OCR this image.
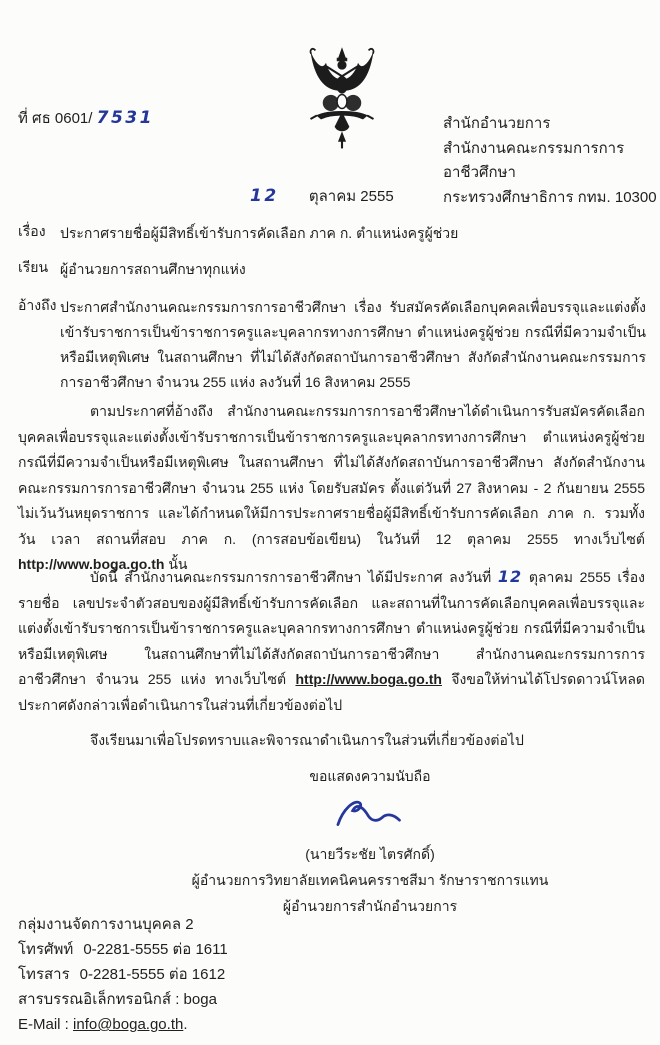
ที่ ศธ 0601/ 7531	สำนักอำนวยการ
สำนักงานคณะกรรมการการอาชีวศึกษา
กระทรวงศึกษาธิการ กทม. 10300
12 ตุลาคม 2555
เรื่อง ประกาศรายชื่อผู้มีสิทธิ์เข้ารับการคัดเลือก ภาค ก. ตำแหน่งครูผู้ช่วย
เรียน ผู้อำนวยการสถานศึกษาทุกแห่ง
อ้างถึง ประกาศสำนักงานคณะกรรมการการอาชีวศึกษา เรื่อง รับสมัครคัดเลือกบุคคลเพื่อบรรจุและแต่งตั้งเข้ารับราชการเป็นข้าราชการครูและบุคลากรทางการศึกษา ตำแหน่งครูผู้ช่วย กรณีที่มีความจำเป็นหรือมีเหตุพิเศษ ในสถานศึกษา ที่ไม่ได้สังกัดสถาบันการอาชีวศึกษา สังกัดสำนักงานคณะกรรมการการอาชีวศึกษา จำนวน 255 แห่ง ลงวันที่ 16 สิงหาคม 2555
ตามประกาศที่อ้างถึง สำนักงานคณะกรรมการการอาชีวศึกษาได้ดำเนินการรับสมัครคัดเลือกบุคคลเพื่อบรรจุและแต่งตั้งเข้ารับราชการเป็นข้าราชการครูและบุคลากรทางการศึกษา ตำแหน่งครูผู้ช่วย กรณีที่มีความจำเป็นหรือมีเหตุพิเศษ ในสถานศึกษา ที่ไม่ได้สังกัดสถาบันการอาชีวศึกษา สังกัดสำนักงานคณะกรรมการการอาชีวศึกษา จำนวน 255 แห่ง โดยรับสมัคร ตั้งแต่วันที่ 27 สิงหาคม - 2 กันยายน 2555 ไม่เว้นวันหยุดราชการ และได้กำหนดให้มีการประกาศรายชื่อผู้มีสิทธิ์เข้ารับการคัดเลือก ภาค ก. รวมทั้ง วัน เวลา สถานที่สอบ ภาค ก. (การสอบข้อเขียน) ในวันที่ 12 ตุลาคม 2555 ทางเว็บไซต์ http://www.boga.go.th นั้น
บัดนี้ สำนักงานคณะกรรมการการอาชีวศึกษา ได้มีประกาศ ลงวันที่ 12 ตุลาคม 2555 เรื่อง รายชื่อ เลขประจำตัวสอบของผู้มีสิทธิ์เข้ารับการคัดเลือก และสถานที่ในการคัดเลือกบุคคลเพื่อบรรจุและแต่งตั้งเข้ารับราชการเป็นข้าราชการครูและบุคลากรทางการศึกษา ตำแหน่งครูผู้ช่วย กรณีที่มีความจำเป็นหรือมีเหตุพิเศษ ในสถานศึกษาที่ไม่ได้สังกัดสถาบันการอาชีวศึกษา สำนักงานคณะกรรมการการอาชีวศึกษา จำนวน 255 แห่ง ทางเว็บไซต์ http://www.boga.go.th จึงขอให้ท่านได้โปรดดาวน์โหลดประกาศดังกล่าวเพื่อดำเนินการในส่วนที่เกี่ยวข้องต่อไป
จึงเรียนมาเพื่อโปรดทราบและพิจารณาดำเนินการในส่วนที่เกี่ยวข้องต่อไป
ขอแสดงความนับถือ
(นายวีระชัย ไตรศักดิ์)
ผู้อำนวยการวิทยาลัยเทคนิคนครราชสีมา รักษาราชการแทน
ผู้อำนวยการสำนักอำนวยการ
กลุ่มงานจัดการงานบุคคล 2
โทรศัพท์ 0-2281-5555 ต่อ 1611
โทรสาร 0-2281-5555 ต่อ 1612
สารบรรณอิเล็กทรอนิกส์ : boga
E-Mail : info@boga.go.th.
